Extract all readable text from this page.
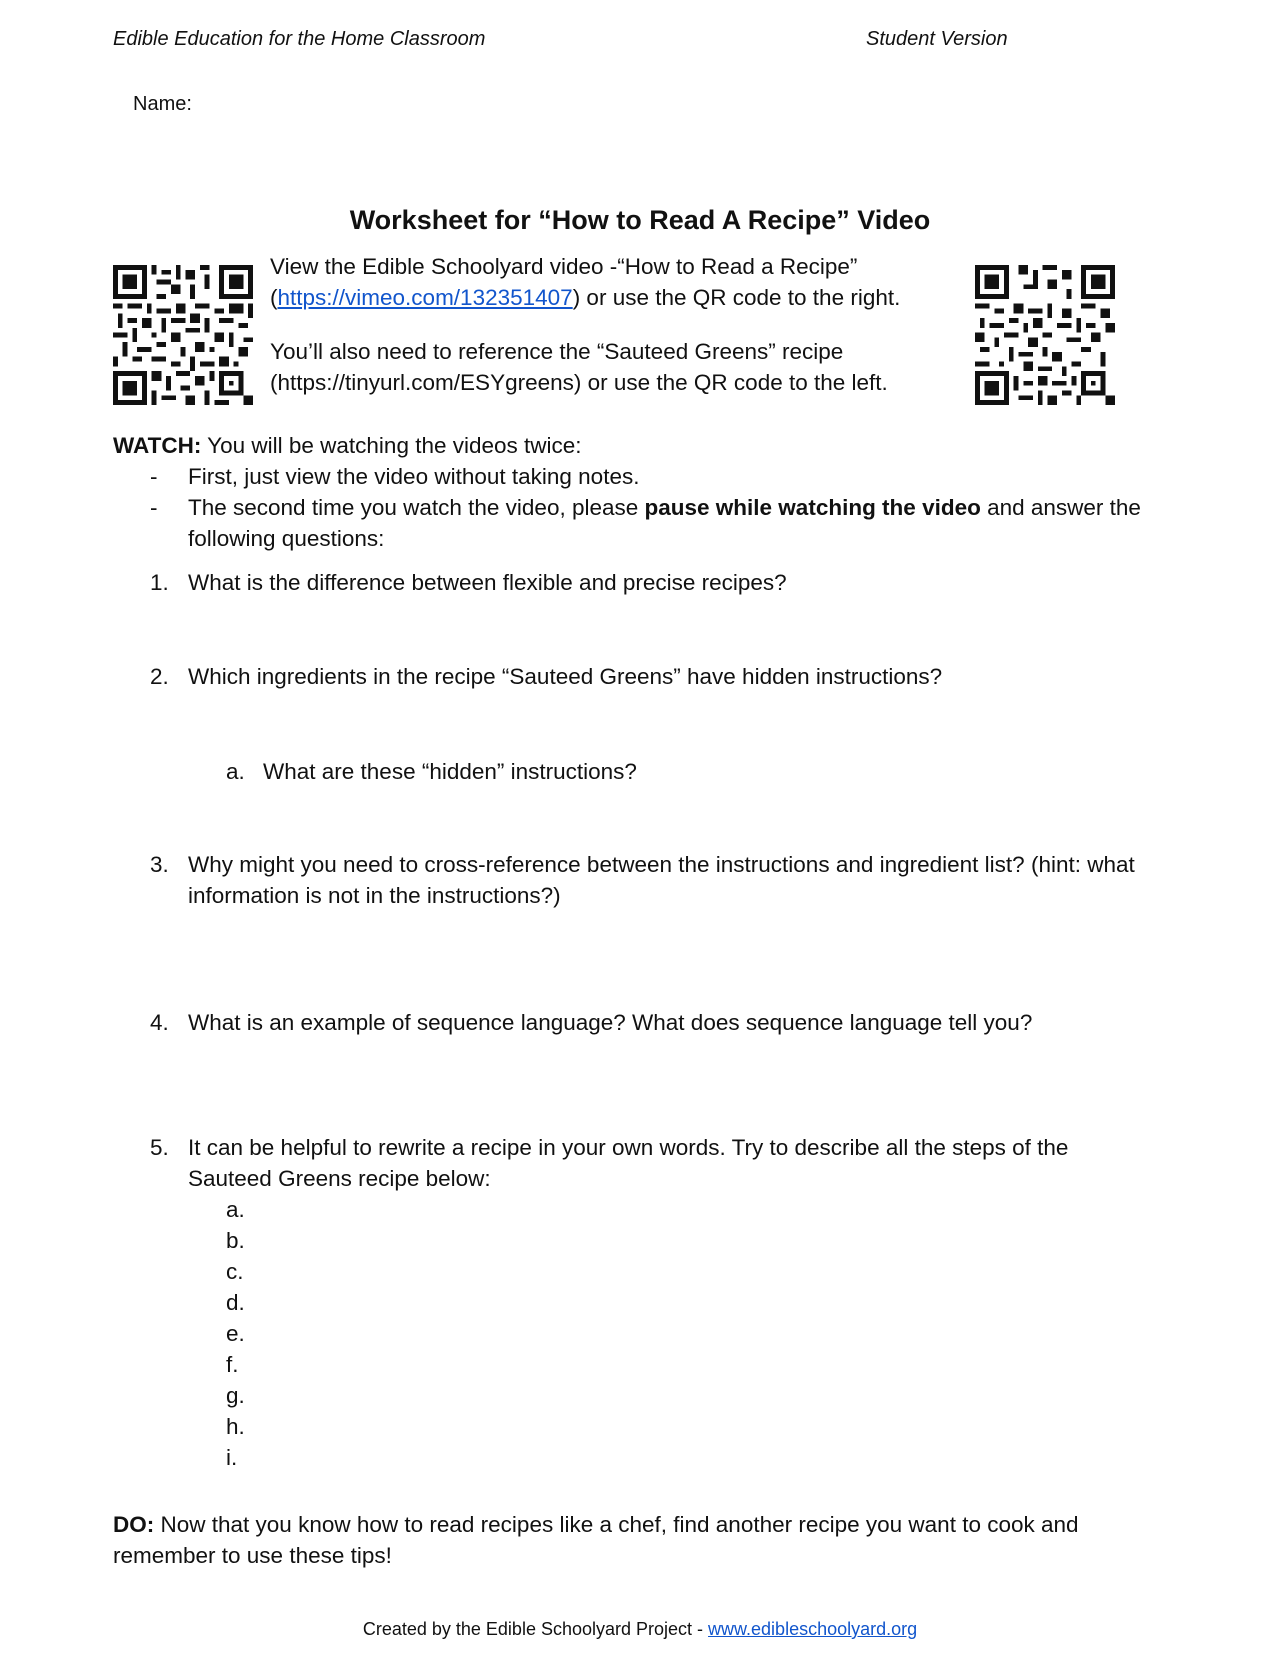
Edible Education for the Home Classroom	Student Version
Name:
Worksheet for “How to Read A Recipe” Video
View the Edible Schoolyard video -“How to Read a Recipe”
(https://vimeo.com/132351407) or use the QR code to the right.
You’ll also need to reference the “Sauteed Greens” recipe
(https://tinyurl.com/ESYgreens) or use the QR code to the left.
WATCH: You will be watching the videos twice:
- First, just view the video without taking notes.
- The second time you watch the video, please pause while watching the video and answer the
following questions:
1. What is the difference between flexible and precise recipes?
2. Which ingredients in the recipe “Sauteed Greens” have hidden instructions?
a. What are these “hidden” instructions?
3. Why might you need to cross-reference between the instructions and ingredient list? (hint: what
information is not in the instructions?)
4. What is an example of sequence language? What does sequence language tell you?
5. It can be helpful to rewrite a recipe in your own words. Try to describe all the steps of the
Sauteed Greens recipe below:
a.
b.
c.
d.
e.
f.
g.
h.
i.
DO: Now that you know how to read recipes like a chef, find another recipe you want to cook and
remember to use these tips!
Created by the Edible Schoolyard Project - www.edibleschoolyard.org
